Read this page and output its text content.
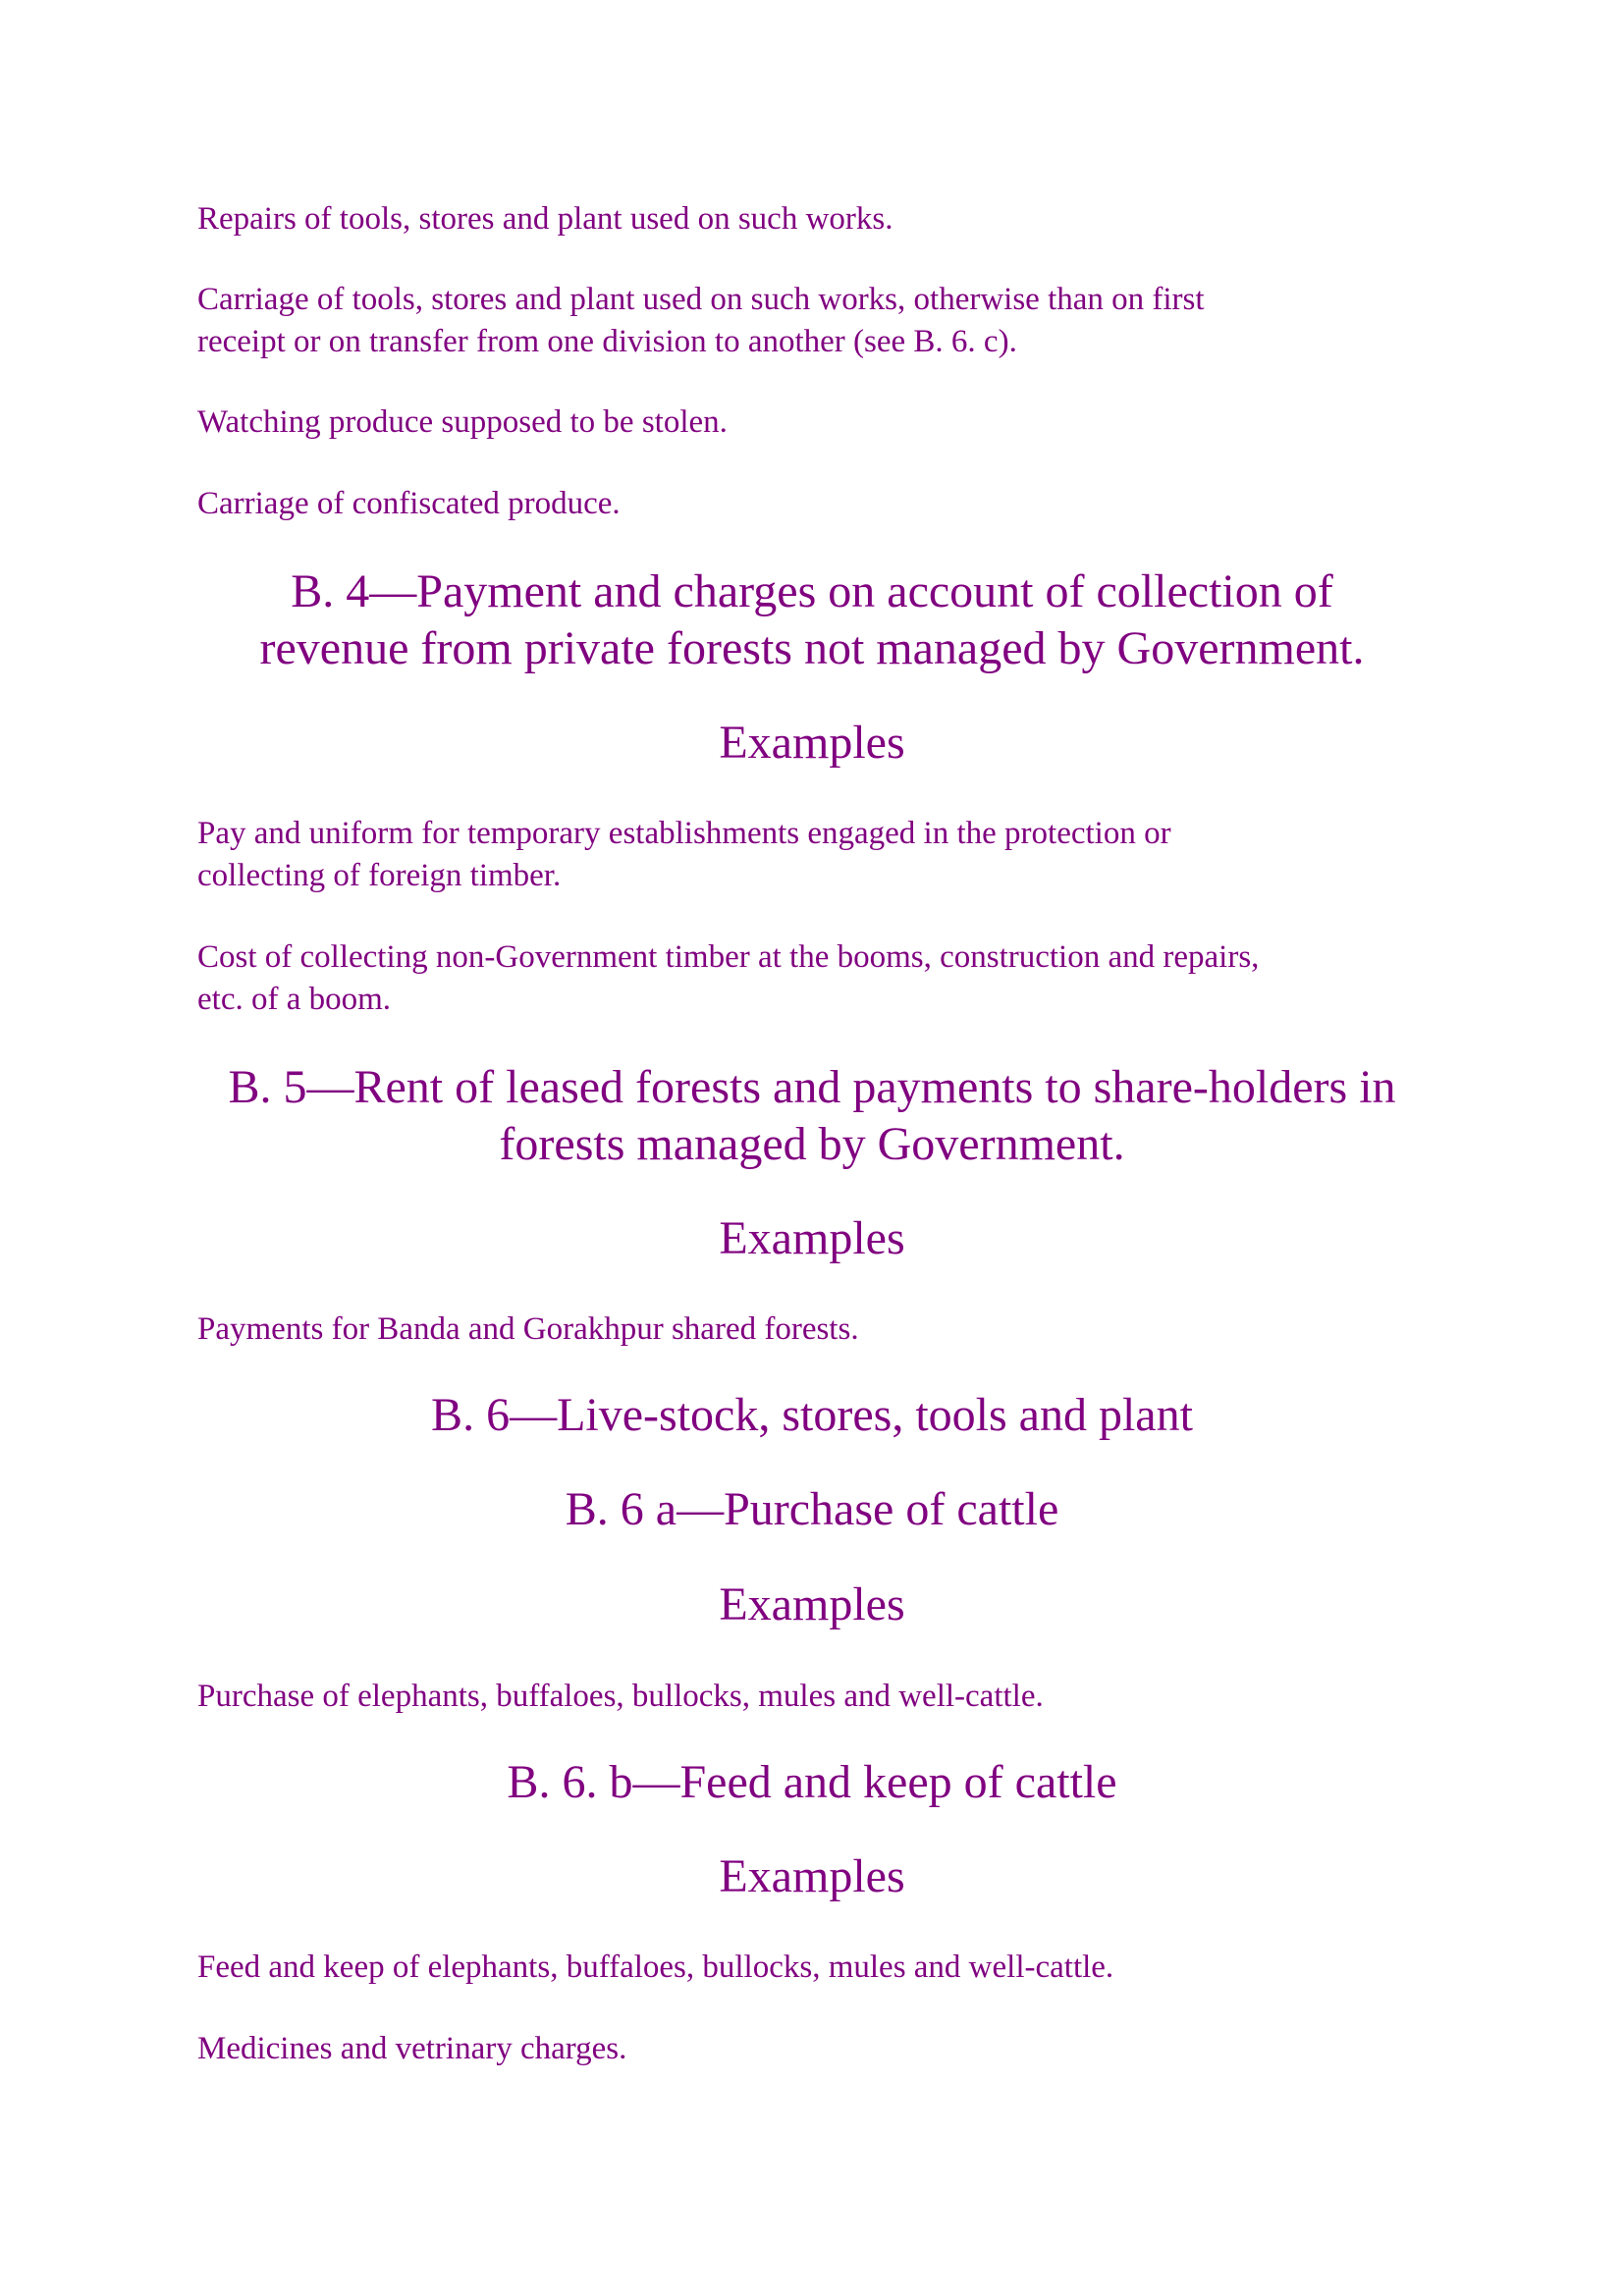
Repairs of tools, stores and plant used on such works.

Carriage of tools, stores and plant used on such works, otherwise than on first
receipt or on transfer from one division to another (see B. 6. c).

Watching produce supposed to be stolen.

Carriage of confiscated produce.

B. 4—Payment and charges on account of collection of
revenue from private forests not managed by Government.
Examples

Pay and uniform for temporary establishments engaged in the protection or
collecting of foreign timber.

Cost of collecting non-Government timber at the booms, construction and repairs,
etc. of a boom.

B. 5—Rent of leased forests and payments to share-holders in
forests managed by Government.
Examples

Payments for Banda and Gorakhpur shared forests.

B. 6—Live-stock, stores, tools and plant
B. 6 a—Purchase of cattle
Examples

Purchase of elephants, buffaloes, bullocks, mules and well-cattle.

B. 6. b—Feed and keep of cattle
Examples

Feed and keep of elephants, buffaloes, bullocks, mules and well-cattle.

Medicines and vetrinary charges.
